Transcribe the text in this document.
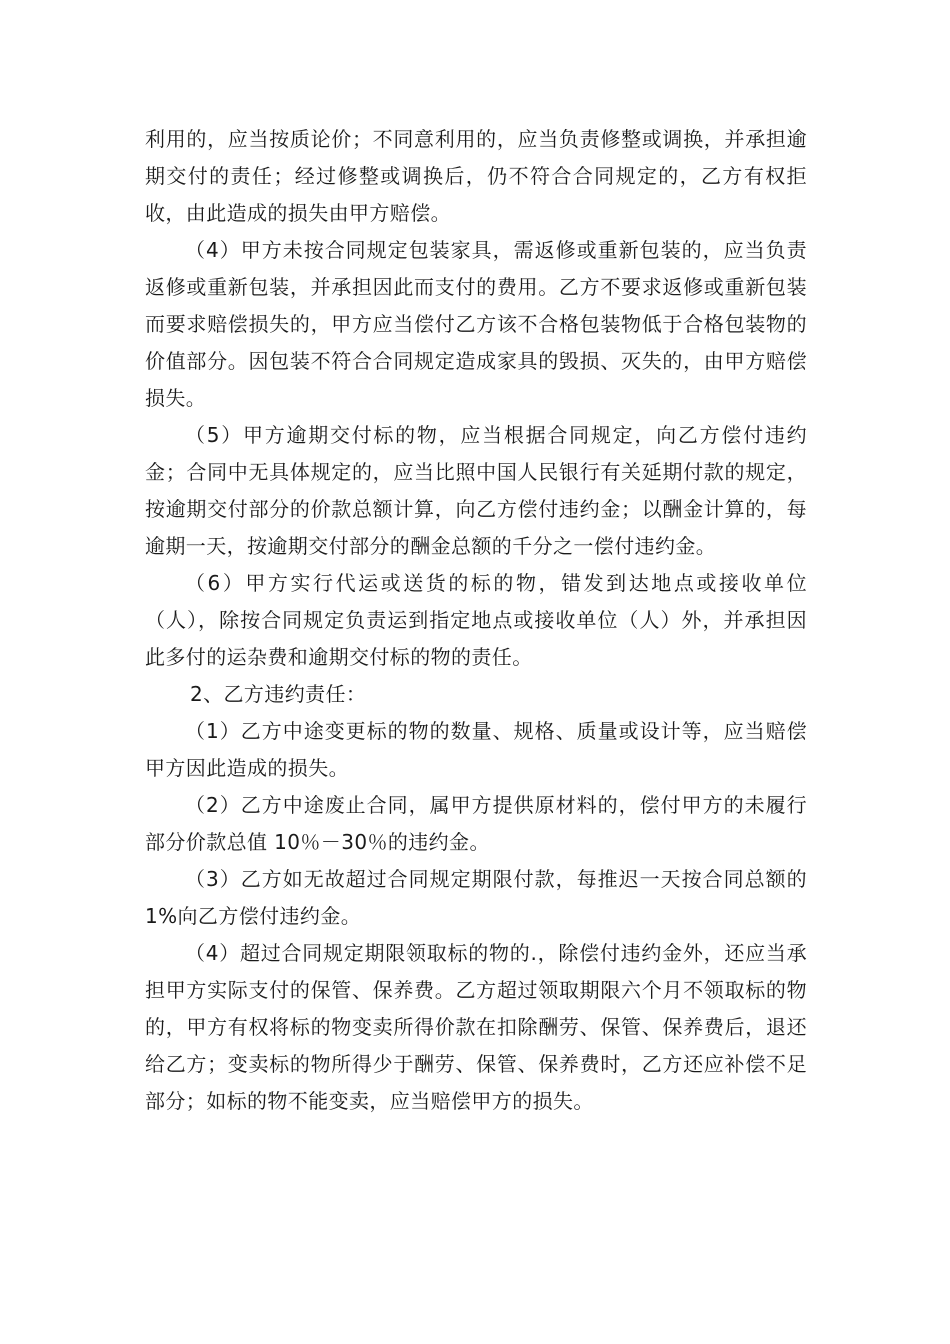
利用的，应当按质论价；不同意利用的，应当负责修整或调换，并承担逾期交付的责任；经过修整或调换后，仍不符合合同规定的，乙方有权拒收，由此造成的损失由甲方赔偿。

（4）甲方未按合同规定包装家具，需返修或重新包装的，应当负责返修或重新包装，并承担因此而支付的费用。乙方不要求返修或重新包装而要求赔偿损失的，甲方应当偿付乙方该不合格包装物低于合格包装物的价值部分。因包装不符合合同规定造成家具的毁损、灭失的，由甲方赔偿损失。

（5）甲方逾期交付标的物，应当根据合同规定，向乙方偿付违约金；合同中无具体规定的，应当比照中国人民银行有关延期付款的规定，按逾期交付部分的价款总额计算，向乙方偿付违约金；以酬金计算的，每逾期一天，按逾期交付部分的酬金总额的千分之一偿付违约金。

（6）甲方实行代运或送货的标的物，错发到达地点或接收单位（人），除按合同规定负责运到指定地点或接收单位（人）外，并承担因此多付的运杂费和逾期交付标的物的责任。

2、乙方违约责任：

（1）乙方中途变更标的物的数量、规格、质量或设计等，应当赔偿甲方因此造成的损失。

（2）乙方中途废止合同，属甲方提供原材料的，偿付甲方的未履行部分价款总值 10％－30％的违约金。

（3）乙方如无故超过合同规定期限付款，每推迟一天按合同总额的 1%向乙方偿付违约金。

（4）超过合同规定期限领取标的物的.，除偿付违约金外，还应当承担甲方实际支付的保管、保养费。乙方超过领取期限六个月不领取标的物的，甲方有权将标的物变卖所得价款在扣除酬劳、保管、保养费后，退还给乙方；变卖标的物所得少于酬劳、保管、保养费时，乙方还应补偿不足部分；如标的物不能变卖，应当赔偿甲方的损失。
